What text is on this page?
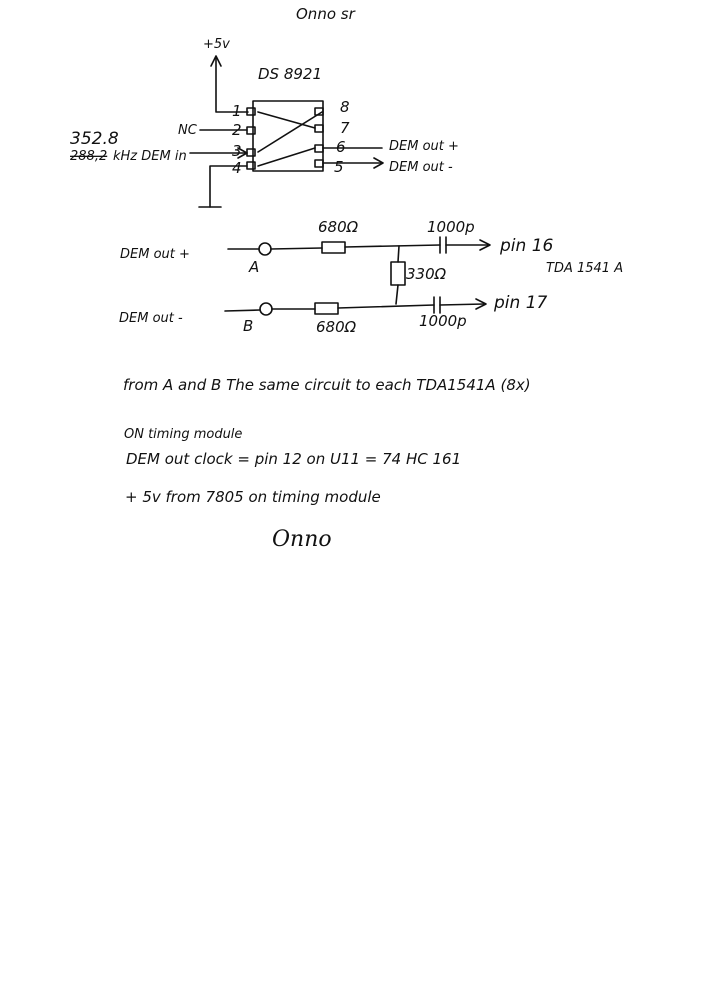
Onno sr
+5v
DS 8921
1
2
3
4
8
7
6
5
NC
352.8
288,2 kHz DEM in
DEM out +
DEM out -
DEM out +
DEM out -
A
680Ω	1000p
pin 16
TDA 1541 A
330Ω
B	680Ω	1000p
pin 17
from A and B The same circuit to each TDA1541A (8x)
ON timing module
DEM out clock = pin 12 on U11 = 74 HC 161
+ 5v from 7805 on timing module
Onno
